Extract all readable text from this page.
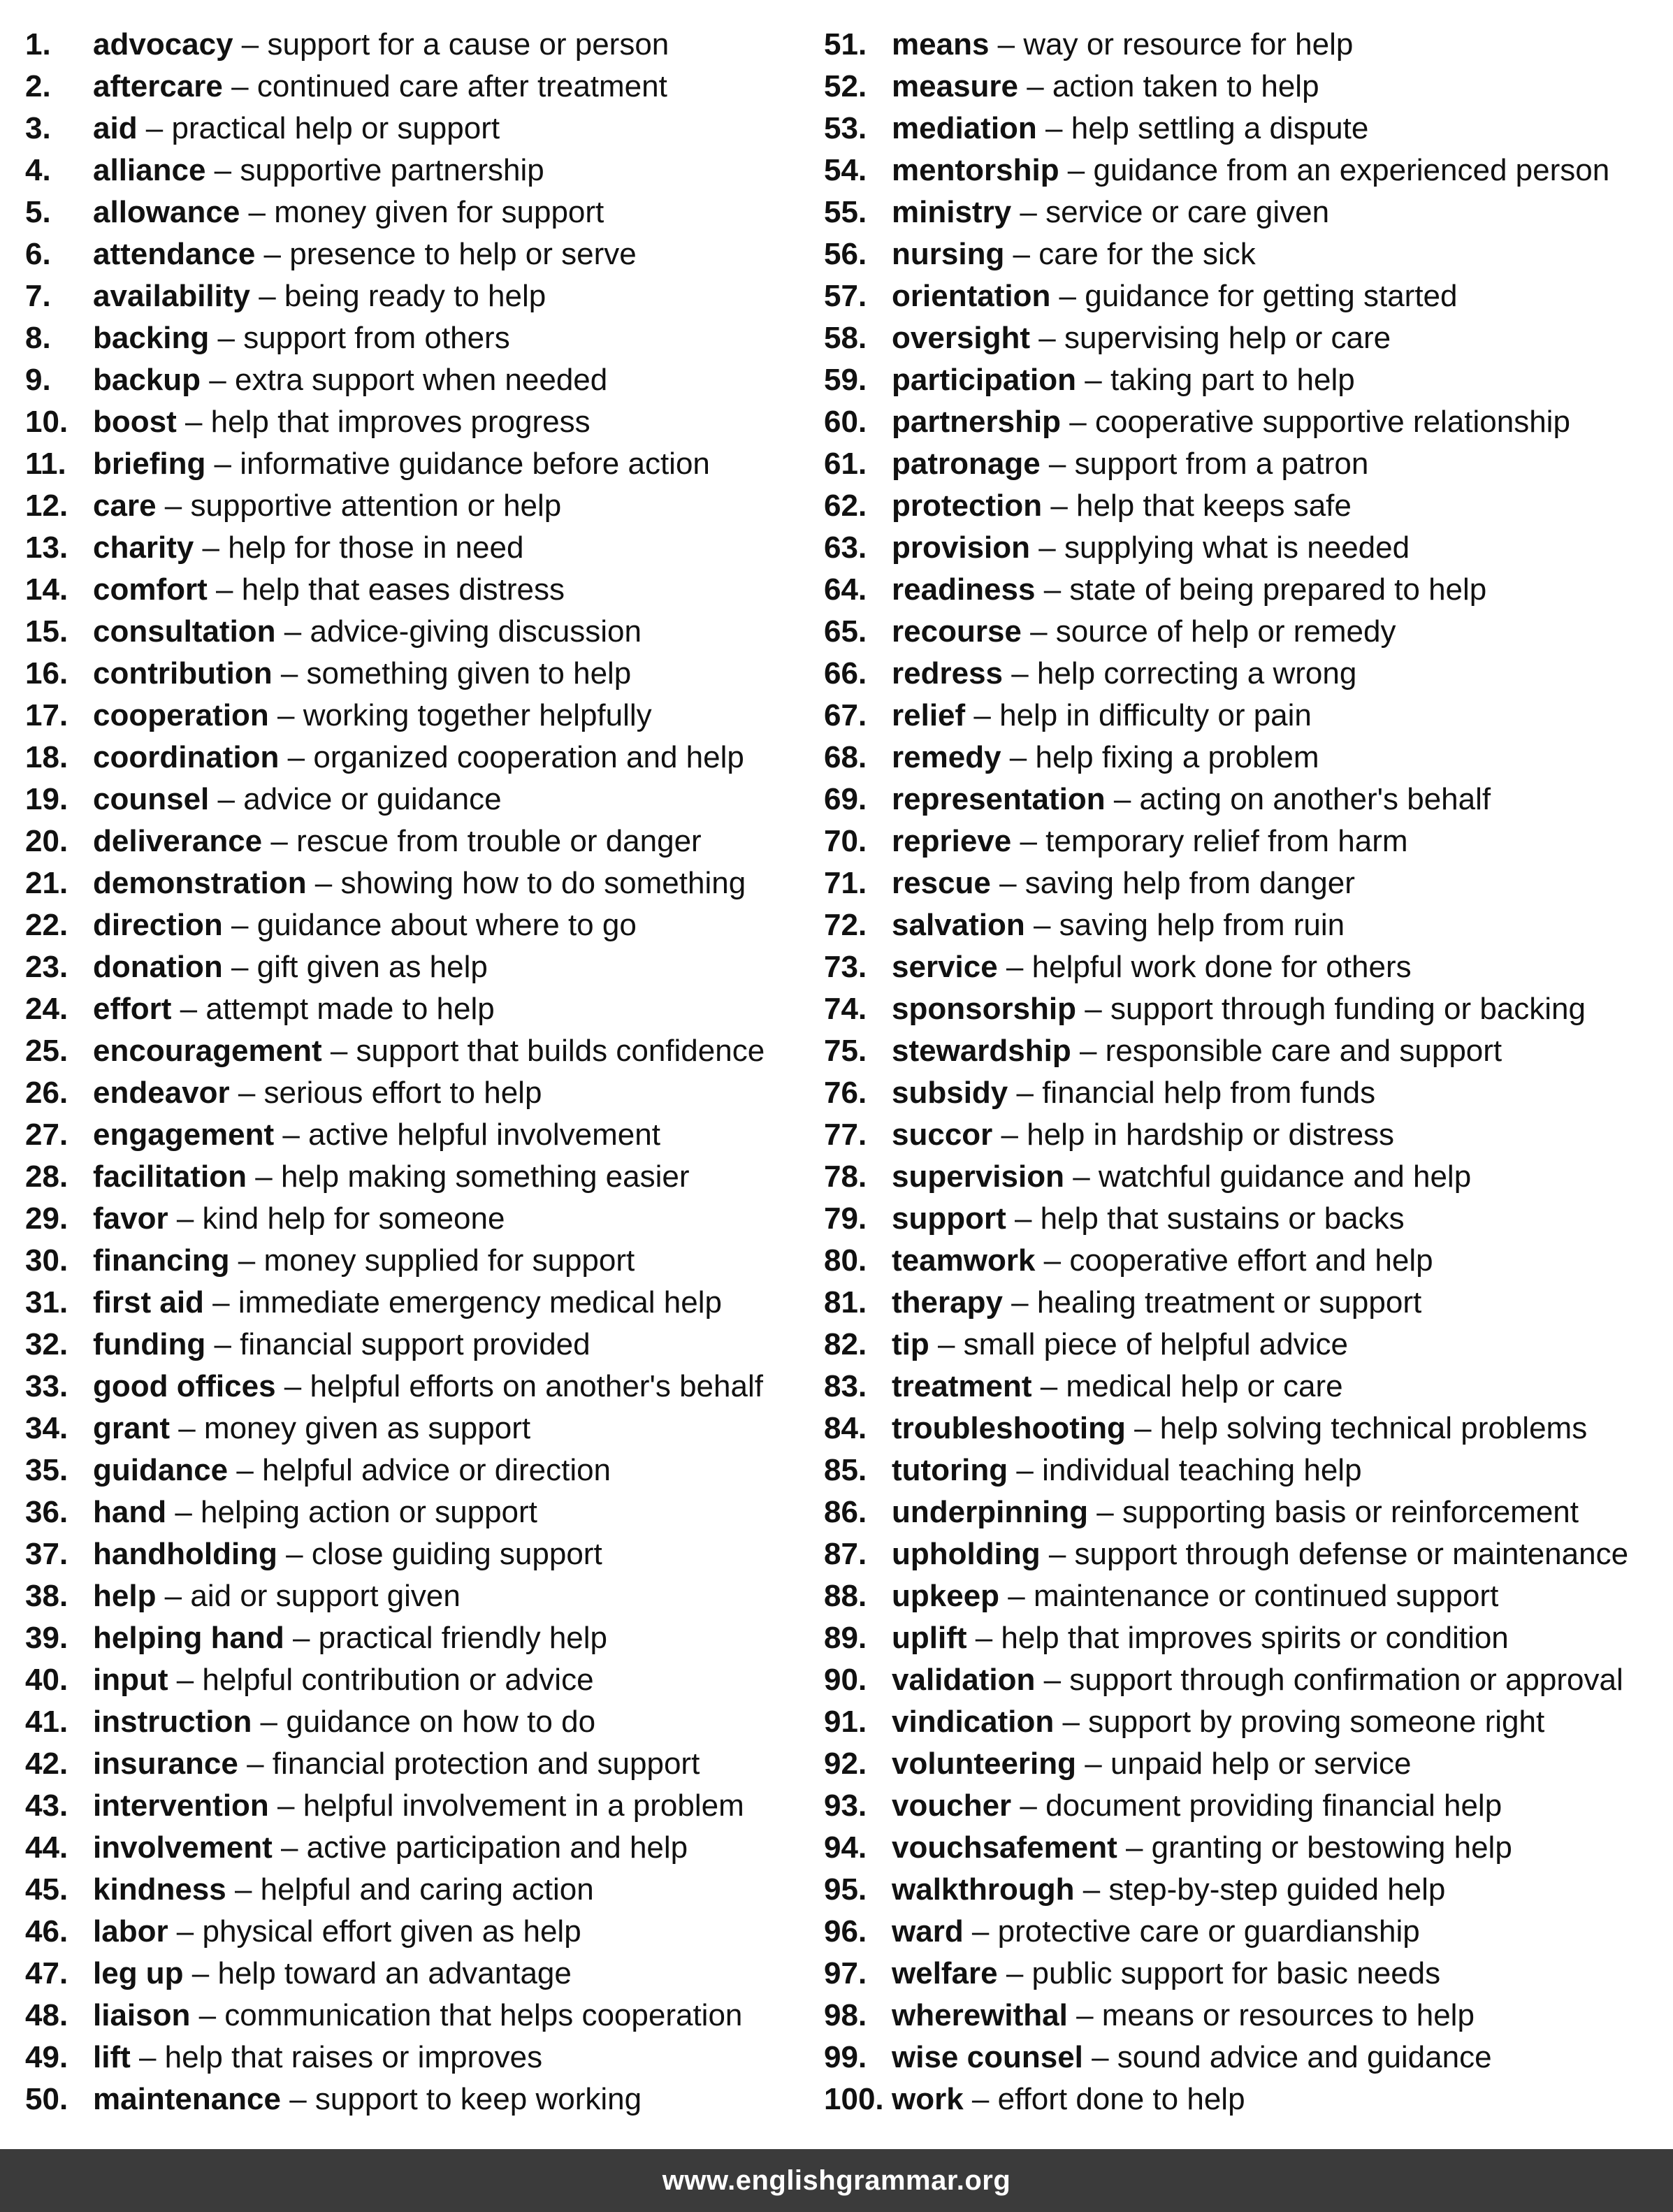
1. advocacy – support for a cause or person
2. aftercare – continued care after treatment
3. aid – practical help or support
4. alliance – supportive partnership
5. allowance – money given for support
6. attendance – presence to help or serve
7. availability – being ready to help
8. backing – support from others
9. backup – extra support when needed
10. boost – help that improves progress
11. briefing – informative guidance before action
12. care – supportive attention or help
13. charity – help for those in need
14. comfort – help that eases distress
15. consultation – advice-giving discussion
16. contribution – something given to help
17. cooperation – working together helpfully
18. coordination – organized cooperation and help
19. counsel – advice or guidance
20. deliverance – rescue from trouble or danger
21. demonstration – showing how to do something
22. direction – guidance about where to go
23. donation – gift given as help
24. effort – attempt made to help
25. encouragement – support that builds confidence
26. endeavor – serious effort to help
27. engagement – active helpful involvement
28. facilitation – help making something easier
29. favor – kind help for someone
30. financing – money supplied for support
31. first aid – immediate emergency medical help
32. funding – financial support provided
33. good offices – helpful efforts on another's behalf
34. grant – money given as support
35. guidance – helpful advice or direction
36. hand – helping action or support
37. handholding – close guiding support
38. help – aid or support given
39. helping hand – practical friendly help
40. input – helpful contribution or advice
41. instruction – guidance on how to do
42. insurance – financial protection and support
43. intervention – helpful involvement in a problem
44. involvement – active participation and help
45. kindness – helpful and caring action
46. labor – physical effort given as help
47. leg up – help toward an advantage
48. liaison – communication that helps cooperation
49. lift – help that raises or improves
50. maintenance – support to keep working
51. means – way or resource for help
52. measure – action taken to help
53. mediation – help settling a dispute
54. mentorship – guidance from an experienced person
55. ministry – service or care given
56. nursing – care for the sick
57. orientation – guidance for getting started
58. oversight – supervising help or care
59. participation – taking part to help
60. partnership – cooperative supportive relationship
61. patronage – support from a patron
62. protection – help that keeps safe
63. provision – supplying what is needed
64. readiness – state of being prepared to help
65. recourse – source of help or remedy
66. redress – help correcting a wrong
67. relief – help in difficulty or pain
68. remedy – help fixing a problem
69. representation – acting on another's behalf
70. reprieve – temporary relief from harm
71. rescue – saving help from danger
72. salvation – saving help from ruin
73. service – helpful work done for others
74. sponsorship – support through funding or backing
75. stewardship – responsible care and support
76. subsidy – financial help from funds
77. succor – help in hardship or distress
78. supervision – watchful guidance and help
79. support – help that sustains or backs
80. teamwork – cooperative effort and help
81. therapy – healing treatment or support
82. tip – small piece of helpful advice
83. treatment – medical help or care
84. troubleshooting – help solving technical problems
85. tutoring – individual teaching help
86. underpinning – supporting basis or reinforcement
87. upholding – support through defense or maintenance
88. upkeep – maintenance or continued support
89. uplift – help that improves spirits or condition
90. validation – support through confirmation or approval
91. vindication – support by proving someone right
92. volunteering – unpaid help or service
93. voucher – document providing financial help
94. vouchsafement – granting or bestowing help
95. walkthrough – step-by-step guided help
96. ward – protective care or guardianship
97. welfare – public support for basic needs
98. wherewithal – means or resources to help
99. wise counsel – sound advice and guidance
100. work – effort done to help
www.englishgrammar.org
